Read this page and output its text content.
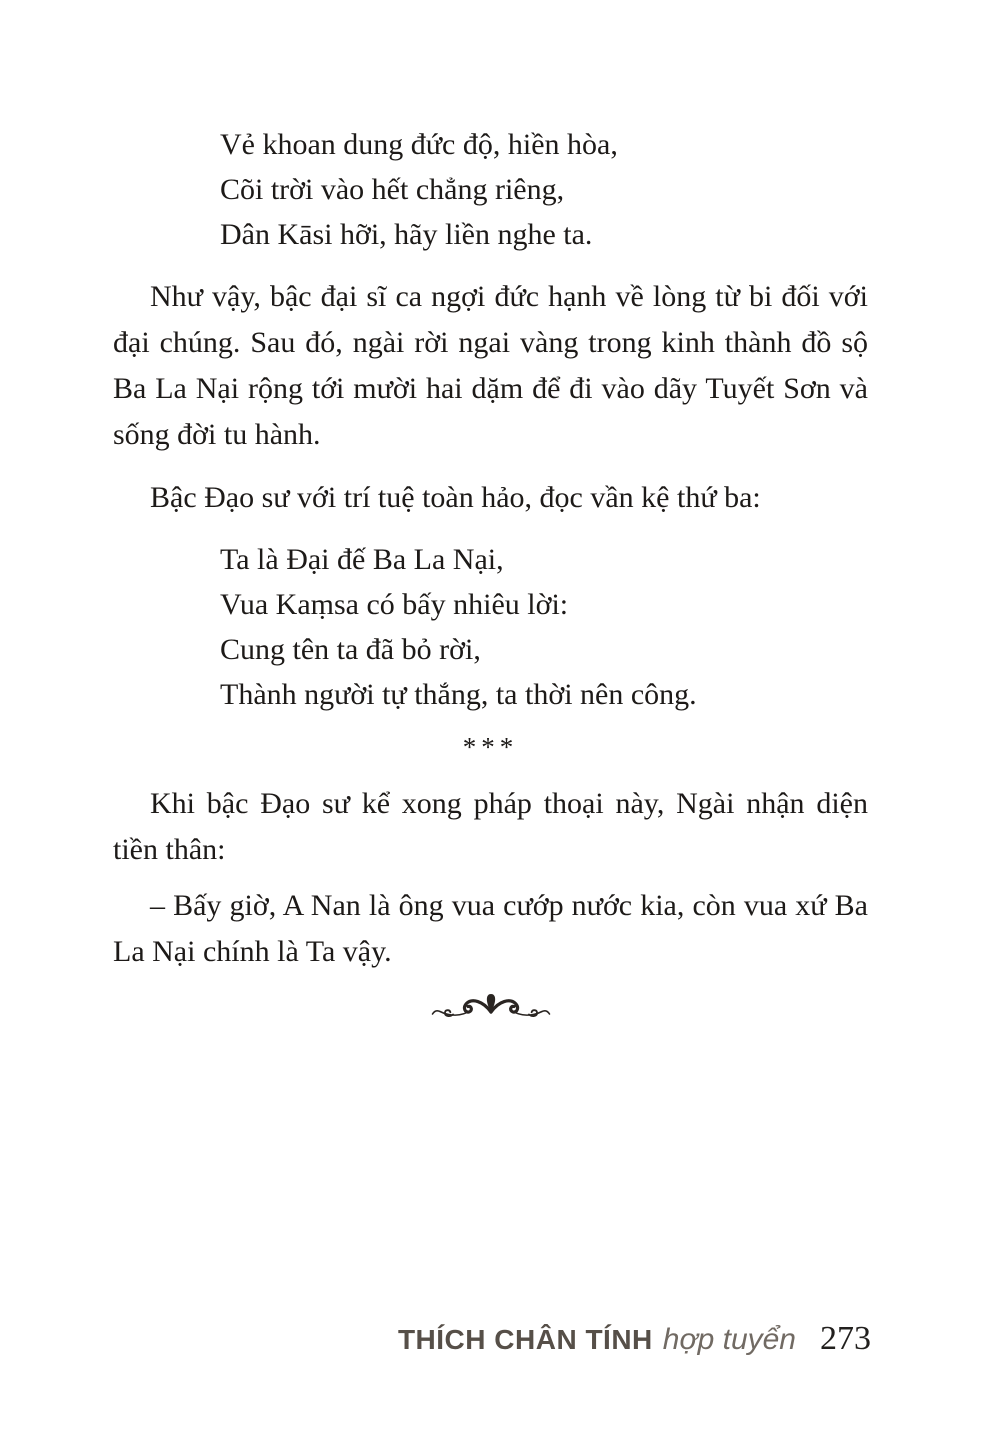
Vẻ khoan dung đức độ, hiền hòa,
Cõi trời vào hết chẳng riêng,
Dân Kāsi hỡi, hãy liền nghe ta.

Như vậy, bậc đại sĩ ca ngợi đức hạnh về lòng từ bi đối với đại chúng. Sau đó, ngài rời ngai vàng trong kinh thành đồ sộ Ba La Nại rộng tới mười hai dặm để đi vào dãy Tuyết Sơn và sống đời tu hành.

Bậc Đạo sư với trí tuệ toàn hảo, đọc vần kệ thứ ba:

Ta là Đại đế Ba La Nại,
Vua Kaṃsa có bấy nhiêu lời:
Cung tên ta đã bỏ rời,
Thành người tự thắng, ta thời nên công.
***

Khi bậc Đạo sư kể xong pháp thoại này, Ngài nhận diện tiền thân:

– Bấy giờ, A Nan là ông vua cướp nước kia, còn vua xứ Ba La Nại chính là Ta vậy.

THÍCH CHÂN TÍNH hợp tuyển 273
